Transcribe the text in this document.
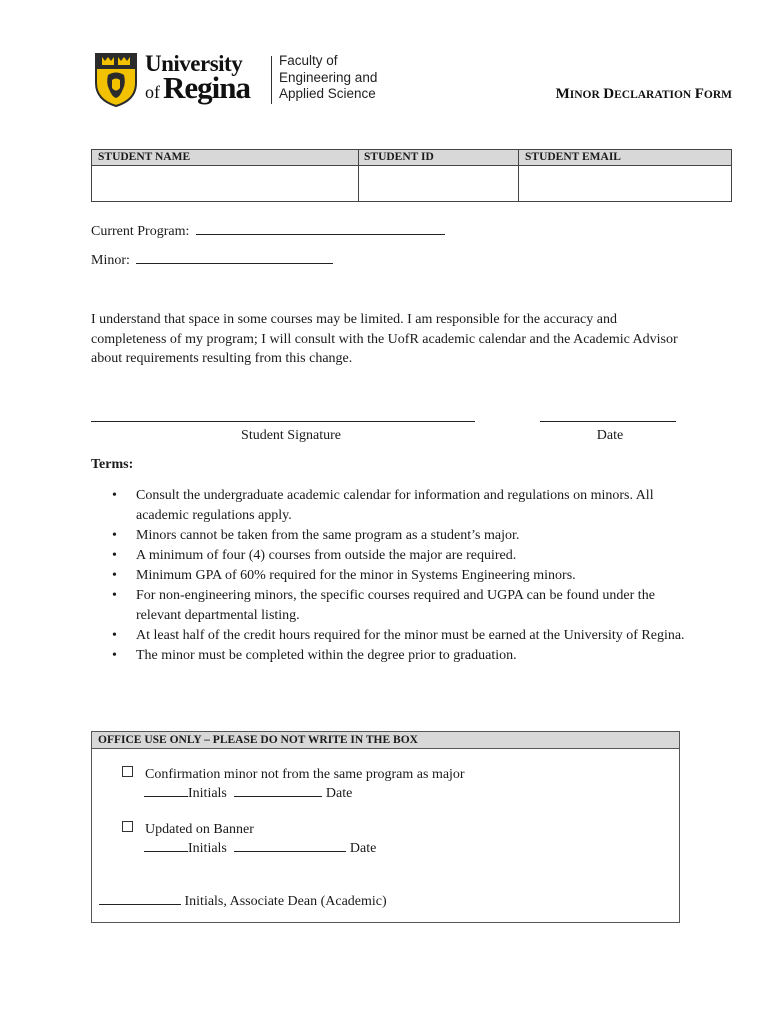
University
of Regina
Faculty of
Engineering and
Applied Science	MINOR DECLARATION FORM
STUDENT NAME	STUDENT ID	STUDENT EMAIL
Current Program:
Minor:
I understand that space in some courses may be limited. I am responsible for the accuracy and completeness of my program; I will consult with the UofR academic calendar and the Academic Advisor about requirements resulting from this change.
Student Signature	Date
Terms:
• Consult the undergraduate academic calendar for information and regulations on minors. All academic regulations apply.
• Minors cannot be taken from the same program as a student’s major.
• A minimum of four (4) courses from outside the major are required.
• Minimum GPA of 60% required for the minor in Systems Engineering minors.
• For non-engineering minors, the specific courses required and UGPA can be found under the relevant departmental listing.
• At least half of the credit hours required for the minor must be earned at the University of Regina.
• The minor must be completed within the degree prior to graduation.
OFFICE USE ONLY – PLEASE DO NOT WRITE IN THE BOX
Confirmation minor not from the same program as major
Initials	Date
Updated on Banner
Initials	Date
Initials, Associate Dean (Academic)
